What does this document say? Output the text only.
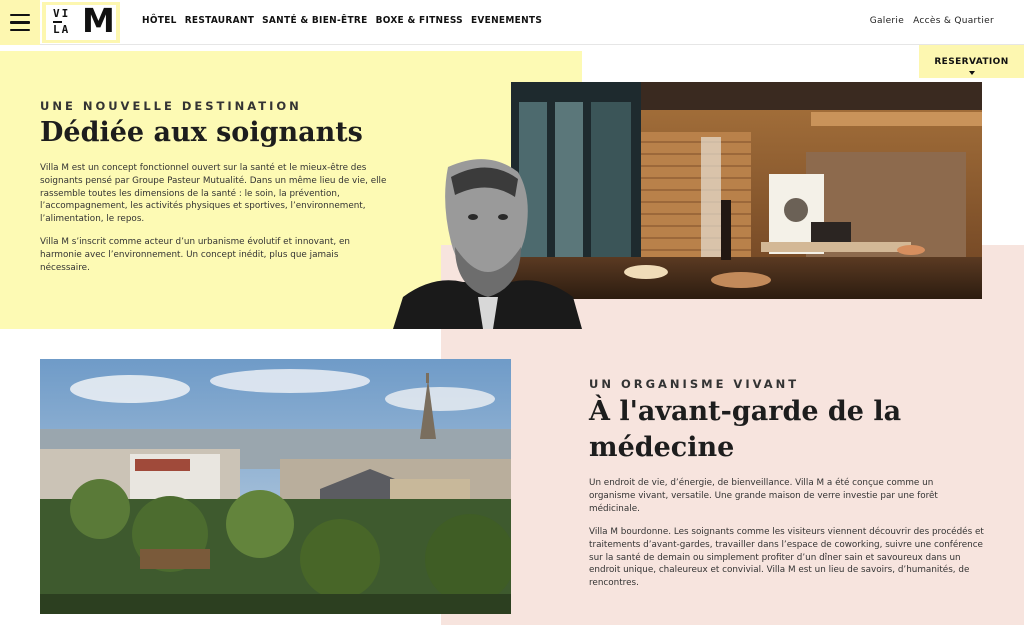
VI
LA M	HÔTEL RESTAURANT SANTÉ & BIEN-ÊTRE BOXE & FITNESS EVENEMENTS	Galerie Accès & Quartier
RESERVATION
UNE NOUVELLE DESTINATION
Dédiée aux soignants
Villa M est un concept fonctionnel ouvert sur la santé et le mieux-être des soignants pensé par Groupe Pasteur Mutualité. Dans un même lieu de vie, elle rassemble toutes les dimensions de la santé : le soin, la prévention, l’accompagnement, les activités physiques et sportives, l’environnement, l’alimentation, le repos.
Villa M s’inscrit comme acteur d’un urbanisme évolutif et innovant, en harmonie avec l’environnement. Un concept inédit, plus que jamais nécessaire.
UN ORGANISME VIVANT
À l'avant-garde de la
médecine
Un endroit de vie, d’énergie, de bienveillance. Villa M a été conçue comme un organisme vivant, versatile. Une grande maison de verre investie par une forêt médicinale.
Villa M bourdonne. Les soignants comme les visiteurs viennent découvrir des procédés et traitements d’avant-gardes, travailler dans l’espace de coworking, suivre une conférence sur la santé de demain ou simplement profiter d’un dîner sain et savoureux dans un endroit unique, chaleureux et convivial. Villa M est un lieu de savoirs, d’humanités, de rencontres.
